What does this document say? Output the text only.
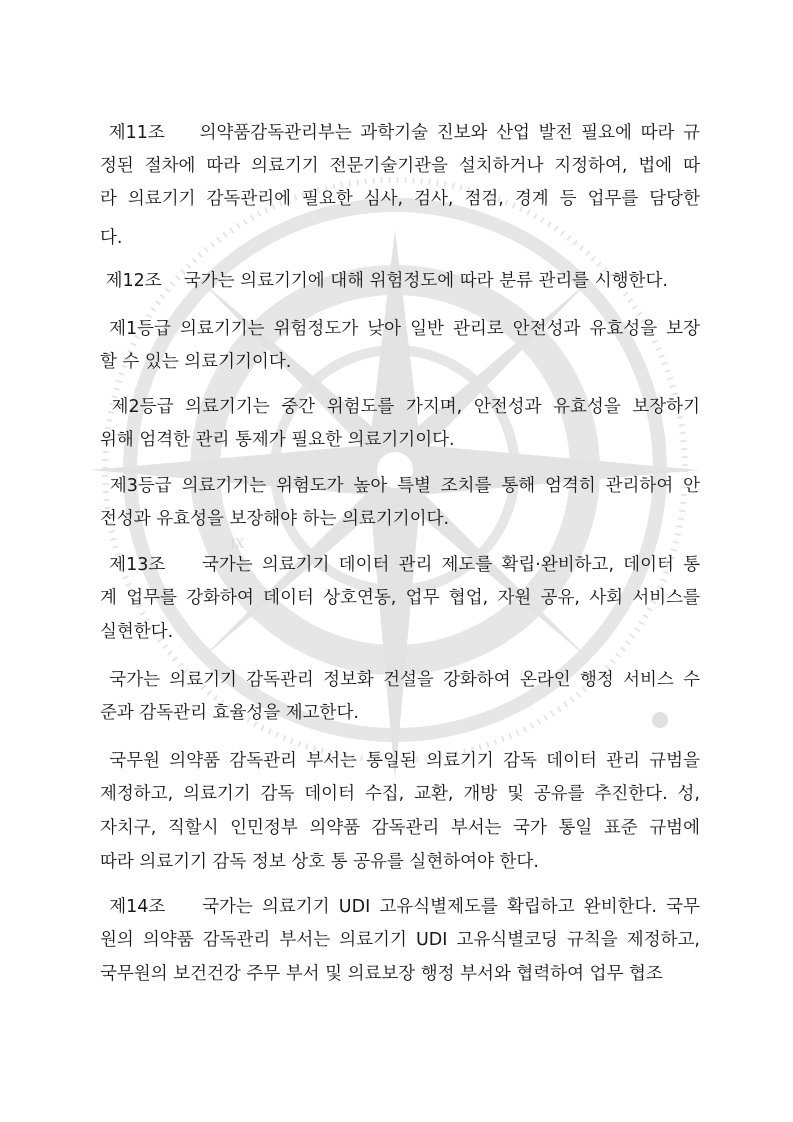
IX
제11조    의약품감독관리부는 과학기술 진보와 산업 발전 필요에 따라 규
정된 절차에 따라 의료기기 전문기술기관을 설치하거나 지정하여, 법에 따
라 의료기기 감독관리에 필요한 심사, 검사, 점검, 경계 등 업무를 담당한
다.
제12조    국가는 의료기기에 대해 위험정도에 따라 분류 관리를 시행한다.
제1등급 의료기기는 위험정도가 낮아 일반 관리로 안전성과 유효성을 보장
할 수 있는 의료기기이다.
제2등급 의료기기는 중간 위험도를 가지며, 안전성과 유효성을 보장하기
위해 엄격한 관리 통제가 필요한 의료기기이다.
제3등급 의료기기는 위험도가 높아 특별 조치를 통해 엄격히 관리하여 안
전성과 유효성을 보장해야 하는 의료기기이다.
제13조    국가는 의료기기 데이터 관리 제도를 확립·완비하고, 데이터 통
계 업무를 강화하여 데이터 상호연동, 업무 협업, 자원 공유, 사회 서비스를
실현한다.
국가는 의료기기 감독관리 정보화 건설을 강화하여 온라인 행정 서비스 수
준과 감독관리 효율성을 제고한다.
국무원 의약품 감독관리 부서는 통일된 의료기기 감독 데이터 관리 규범을
제정하고, 의료기기 감독 데이터 수집, 교환, 개방 및 공유를 추진한다. 성,
자치구, 직할시 인민정부 의약품 감독관리 부서는 국가 통일 표준 규범에
따라 의료기기 감독 정보 상호 통 공유를 실현하여야 한다.
제14조    국가는 의료기기 UDI 고유식별제도를 확립하고 완비한다. 국무
원의 의약품 감독관리 부서는 의료기기 UDI 고유식별코딩 규칙을 제정하고,
국무원의 보건건강 주무 부서 및 의료보장 행정 부서와 협력하여 업무 협조
